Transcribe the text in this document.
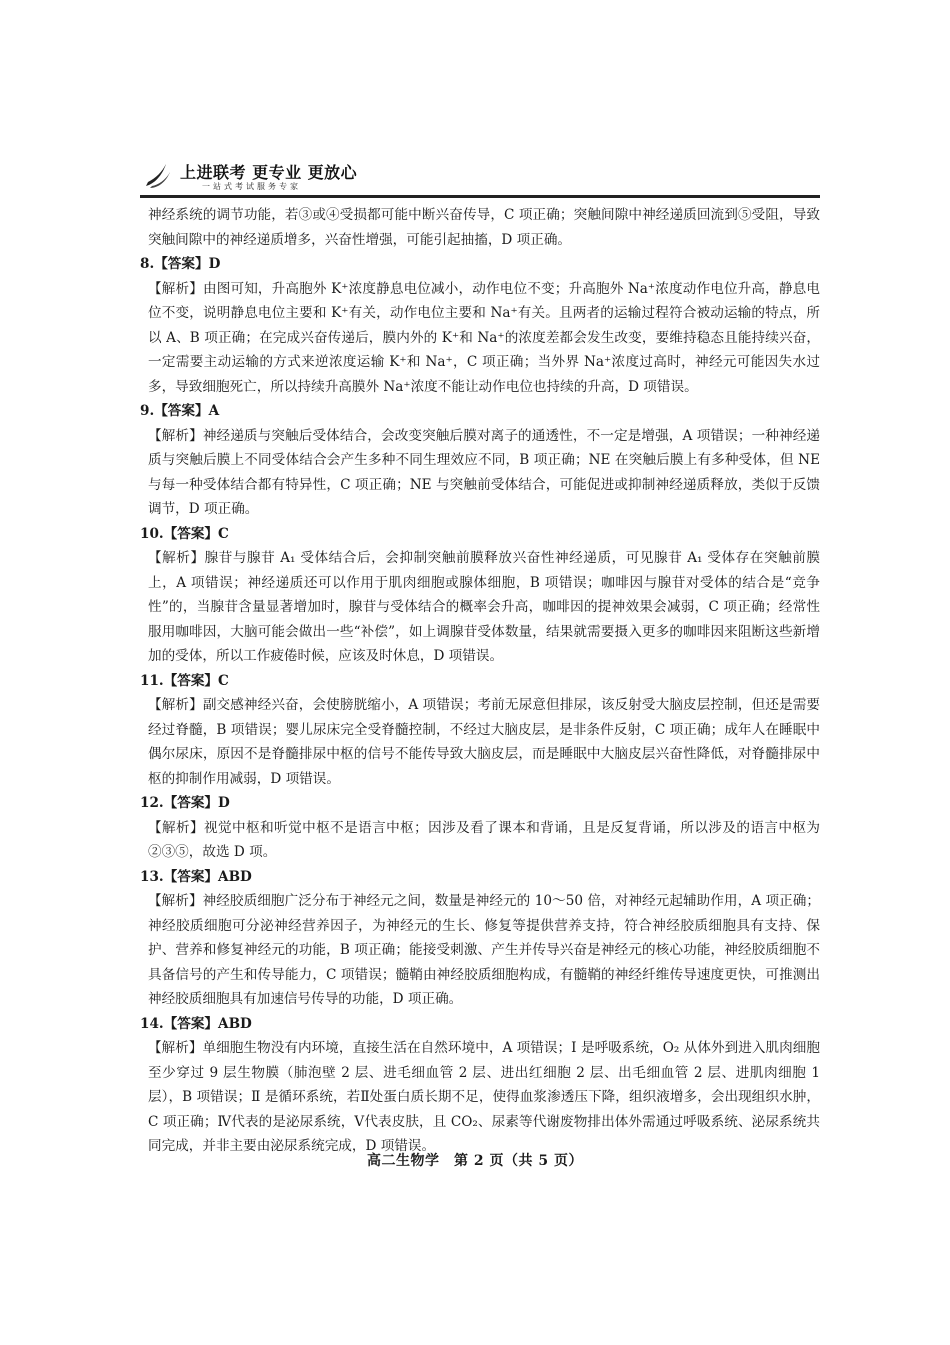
上进联考 更专业 更放心
一站式考试服务专家

神经系统的调节功能，若③或④受损都可能中断兴奋传导，C 项正确；突触间隙中神经递质回流到⑤受阻，导致突触间隙中的神经递质增多，兴奋性增强，可能引起抽搐，D 项正确。

8.【答案】D

【解析】由图可知，升高胞外 K⁺浓度静息电位减小，动作电位不变；升高胞外 Na⁺浓度动作电位升高，静息电位不变，说明静息电位主要和 K⁺有关，动作电位主要和 Na⁺有关。且两者的运输过程符合被动运输的特点，所以 A、B 项正确；在完成兴奋传递后，膜内外的 K⁺和 Na⁺的浓度差都会发生改变，要维持稳态且能持续兴奋，一定需要主动运输的方式来逆浓度运输 K⁺和 Na⁺，C 项正确；当外界 Na⁺浓度过高时，神经元可能因失水过多，导致细胞死亡，所以持续升高膜外 Na⁺浓度不能让动作电位也持续的升高，D 项错误。

9.【答案】A

【解析】神经递质与突触后受体结合，会改变突触后膜对离子的通透性，不一定是增强，A 项错误；一种神经递质与突触后膜上不同受体结合会产生多种不同生理效应不同，B 项正确；NE 在突触后膜上有多种受体，但 NE 与每一种受体结合都有特异性，C 项正确；NE 与突触前受体结合，可能促进或抑制神经递质释放，类似于反馈调节，D 项正确。

10.【答案】C

【解析】腺苷与腺苷 A₁ 受体结合后，会抑制突触前膜释放兴奋性神经递质，可见腺苷 A₁ 受体存在突触前膜上，A 项错误；神经递质还可以作用于肌肉细胞或腺体细胞，B 项错误；咖啡因与腺苷对受体的结合是“竞争性”的，当腺苷含量显著增加时，腺苷与受体结合的概率会升高，咖啡因的提神效果会减弱，C 项正确；经常性服用咖啡因，大脑可能会做出一些“补偿”，如上调腺苷受体数量，结果就需要摄入更多的咖啡因来阻断这些新增加的受体，所以工作疲倦时候，应该及时休息，D 项错误。

11.【答案】C

【解析】副交感神经兴奋，会使膀胱缩小，A 项错误；考前无尿意但排尿，该反射受大脑皮层控制，但还是需要经过脊髓，B 项错误；婴儿尿床完全受脊髓控制，不经过大脑皮层，是非条件反射，C 项正确；成年人在睡眠中偶尔尿床，原因不是脊髓排尿中枢的信号不能传导致大脑皮层，而是睡眠中大脑皮层兴奋性降低，对脊髓排尿中枢的抑制作用减弱，D 项错误。

12.【答案】D

【解析】视觉中枢和听觉中枢不是语言中枢；因涉及看了课本和背诵，且是反复背诵，所以涉及的语言中枢为②③⑤，故选 D 项。

13.【答案】ABD

【解析】神经胶质细胞广泛分布于神经元之间，数量是神经元的 10～50 倍，对神经元起辅助作用，A 项正确；神经胶质细胞可分泌神经营养因子，为神经元的生长、修复等提供营养支持，符合神经胶质细胞具有支持、保护、营养和修复神经元的功能，B 项正确；能接受刺激、产生并传导兴奋是神经元的核心功能，神经胶质细胞不具备信号的产生和传导能力，C 项错误；髓鞘由神经胶质细胞构成，有髓鞘的神经纤维传导速度更快，可推测出神经胶质细胞具有加速信号传导的功能，D 项正确。

14.【答案】ABD

【解析】单细胞生物没有内环境，直接生活在自然环境中，A 项错误；Ⅰ 是呼吸系统，O₂ 从体外到进入肌肉细胞至少穿过 9 层生物膜（肺泡壁 2 层、进毛细血管 2 层、进出红细胞 2 层、出毛细血管 2 层、进肌肉细胞 1 层），B 项错误；Ⅱ 是循环系统，若Ⅱ处蛋白质长期不足，使得血浆渗透压下降，组织液增多，会出现组织水肿，C 项正确；Ⅳ代表的是泌尿系统，Ⅴ代表皮肤，且 CO₂、尿素等代谢废物排出体外需通过呼吸系统、泌尿系统共同完成，并非主要由泌尿系统完成，D 项错误。

高二生物学　第 2 页（共 5 页）
